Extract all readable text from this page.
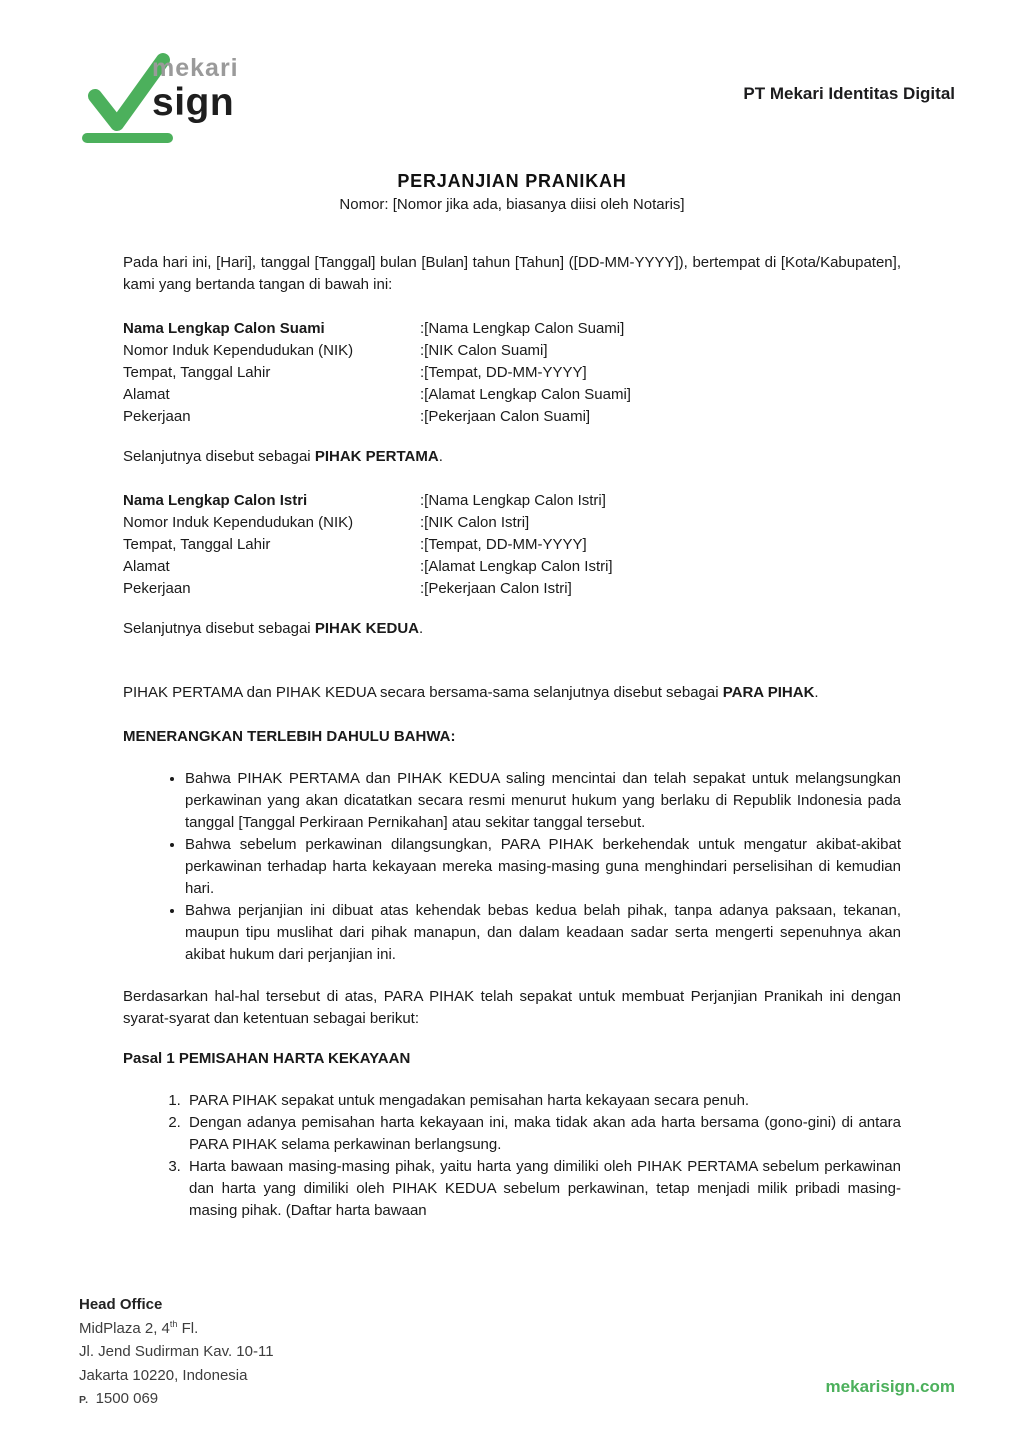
mekari
sign	PT Mekari Identitas Digital
PERJANJIAN PRANIKAH
Nomor: [Nomor jika ada, biasanya diisi oleh Notaris]

Pada hari ini, [Hari], tanggal [Tanggal] bulan [Bulan] tahun [Tahun] ([DD-MM-YYYY]), bertempat di [Kota/Kabupaten], kami yang bertanda tangan di bawah ini:

Nama Lengkap Calon Suami	: [Nama Lengkap Calon Suami]
Nomor Induk Kependudukan (NIK)	: [NIK Calon Suami]
Tempat, Tanggal Lahir	: [Tempat, DD-MM-YYYY]
Alamat	: [Alamat Lengkap Calon Suami]
Pekerjaan	: [Pekerjaan Calon Suami]

Selanjutnya disebut sebagai PIHAK PERTAMA.

Nama Lengkap Calon Istri	: [Nama Lengkap Calon Istri]
Nomor Induk Kependudukan (NIK)	: [NIK Calon Istri]
Tempat, Tanggal Lahir	: [Tempat, DD-MM-YYYY]
Alamat	: [Alamat Lengkap Calon Istri]
Pekerjaan	: [Pekerjaan Calon Istri]

Selanjutnya disebut sebagai PIHAK KEDUA.

PIHAK PERTAMA dan PIHAK KEDUA secara bersama-sama selanjutnya disebut sebagai PARA PIHAK.

MENERANGKAN TERLEBIH DAHULU BAHWA:
• Bahwa PIHAK PERTAMA dan PIHAK KEDUA saling mencintai dan telah sepakat untuk melangsungkan perkawinan yang akan dicatatkan secara resmi menurut hukum yang berlaku di Republik Indonesia pada tanggal [Tanggal Perkiraan Pernikahan] atau sekitar tanggal tersebut.
• Bahwa sebelum perkawinan dilangsungkan, PARA PIHAK berkehendak untuk mengatur akibat-akibat perkawinan terhadap harta kekayaan mereka masing-masing guna menghindari perselisihan di kemudian hari.
• Bahwa perjanjian ini dibuat atas kehendak bebas kedua belah pihak, tanpa adanya paksaan, tekanan, maupun tipu muslihat dari pihak manapun, dan dalam keadaan sadar serta mengerti sepenuhnya akan akibat hukum dari perjanjian ini.

Berdasarkan hal-hal tersebut di atas, PARA PIHAK telah sepakat untuk membuat Perjanjian Pranikah ini dengan syarat-syarat dan ketentuan sebagai berikut:

Pasal 1 PEMISAHAN HARTA KEKAYAAN
1. PARA PIHAK sepakat untuk mengadakan pemisahan harta kekayaan secara penuh.
2. Dengan adanya pemisahan harta kekayaan ini, maka tidak akan ada harta bersama (gono-gini) di antara PARA PIHAK selama perkawinan berlangsung.
3. Harta bawaan masing-masing pihak, yaitu harta yang dimiliki oleh PIHAK PERTAMA sebelum perkawinan dan harta yang dimiliki oleh PIHAK KEDUA sebelum perkawinan, tetap menjadi milik pribadi masing-masing pihak. (Daftar harta bawaan
Head Office
MidPlaza 2, 4th Fl.
Jl. Jend Sudirman Kav. 10-11
Jakarta 10220, Indonesia
P. 1500 069
mekarisign.com
